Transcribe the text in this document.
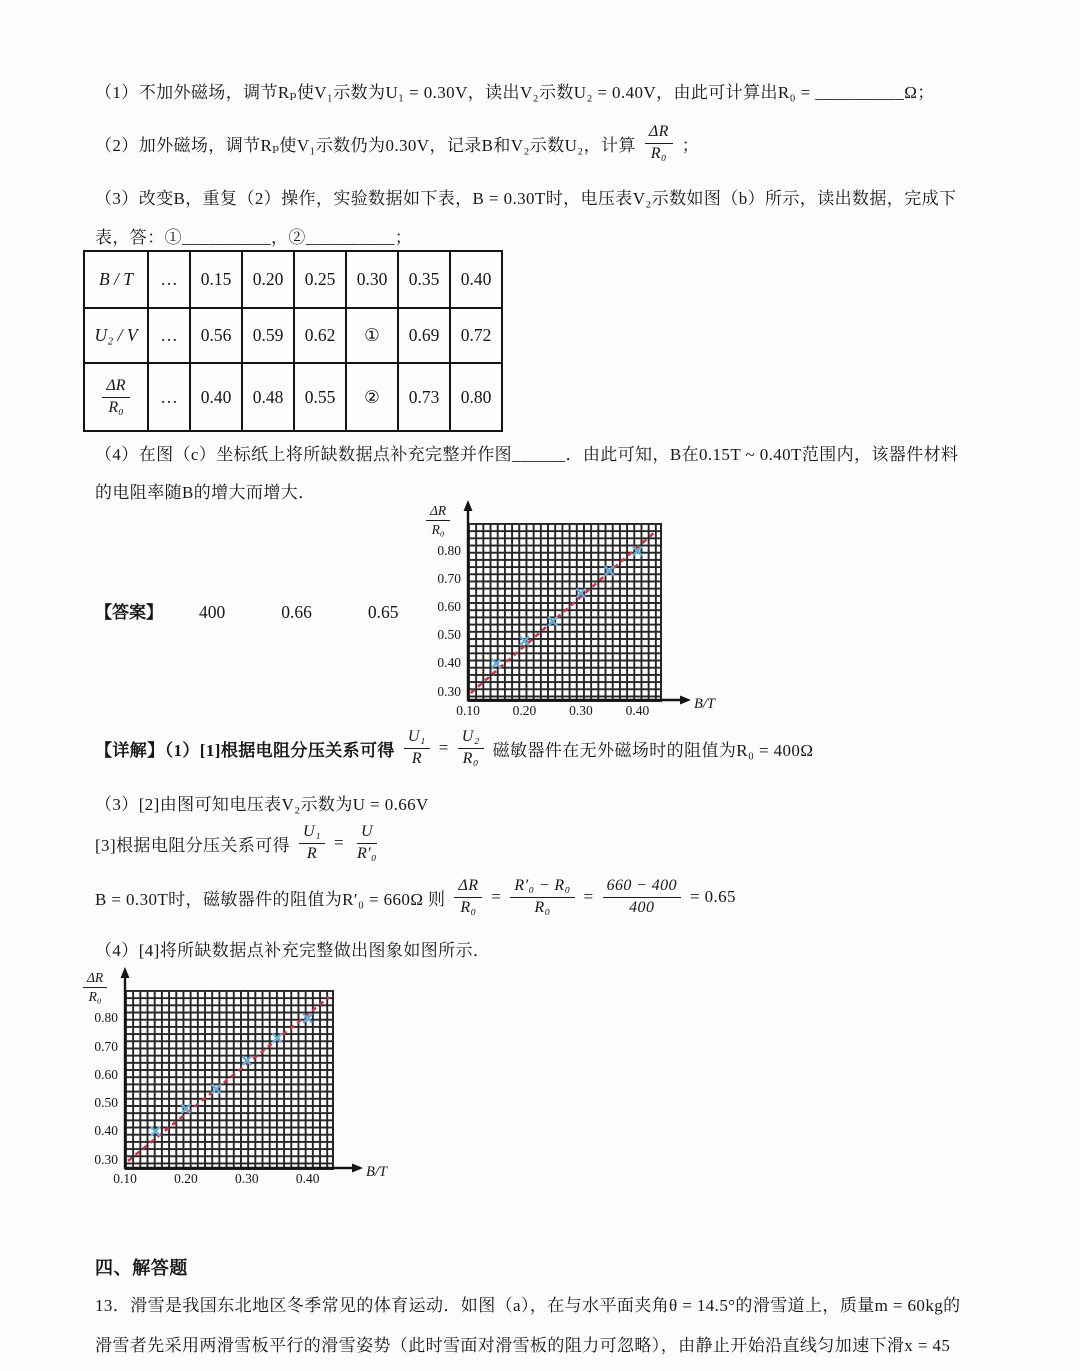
（1）不加外磁场，调节Rₚ使V₁示数为U₁ = 0.30V，读出V₂示数U₂ = 0.40V，由此可计算出R₀ = __________Ω；
（2）加外磁场，调节Rₚ使V₁示数仍为0.30V，记录B和V₂示数U₂，计算 $\frac{\Delta R}{\text{R₀}}$ ；
（3）改变B，重复（2）操作，实验数据如下表，B = 0.30T时，电压表V₂示数如图（b）所示，读出数据，完成下
表，答：①__________，②__________；
B / T	…	0.15	0.20	0.25	0.30	0.35	0.40
U₂ / V	…	0.56	0.59	0.62	①	0.69	0.72

$\frac{\Delta R}{\text{R₀}}$	…	0.40	0.48	0.55	②	0.73	0.80
（4）在图（c）坐标纸上将所缺数据点补充完整并作图______．由此可知，B在0.15T ~ 0.40T范围内，该器件材料
的电阻率随B的增大而增大．
【答案】 400	0.66	0.65
$\frac{\Delta R}{\text{R₀}}$
B/T
0.80
0.70
0.60
0.50
0.40
0.30
0.10 0.20 0.30 0.40
【详解】（1）[1]根据电阻分压关系可得 $\frac{\text{U₁}}{R} = \frac{\text{U₂}}{\text{R₀}}$ 磁敏器件在无外磁场时的阻值为R₀ = 400Ω
（3）[2]由图可知电压表V₂示数为U = 0.66V
[3]根据电阻分压关系可得 $\frac{\text{U₁}}{R} = \frac{U}{\text{R′₀}}$
B = 0.30T时，磁敏器件的阻值为R′₀ = 660Ω 则 $\frac{\Delta R}{\text{R₀}} = \frac{\text{R′₀ − R₀}}{\text{R₀}} = \frac{660 - 400}{400} = 0.65$
（4）[4]将所缺数据点补充完整做出图象如图所示．
$\frac{\Delta R}{\text{R₀}}$
B/T
0.80
0.70
0.60
0.50
0.40
0.30
0.10	0.20	0.30	0.40
四、解答题
13．滑雪是我国东北地区冬季常见的体育运动．如图（a），在与水平面夹角θ = 14.5°的滑雪道上，质量m = 60kg的
滑雪者先采用两滑雪板平行的滑雪姿势（此时雪面对滑雪板的阻力可忽略），由静止开始沿直线匀加速下滑x = 45
